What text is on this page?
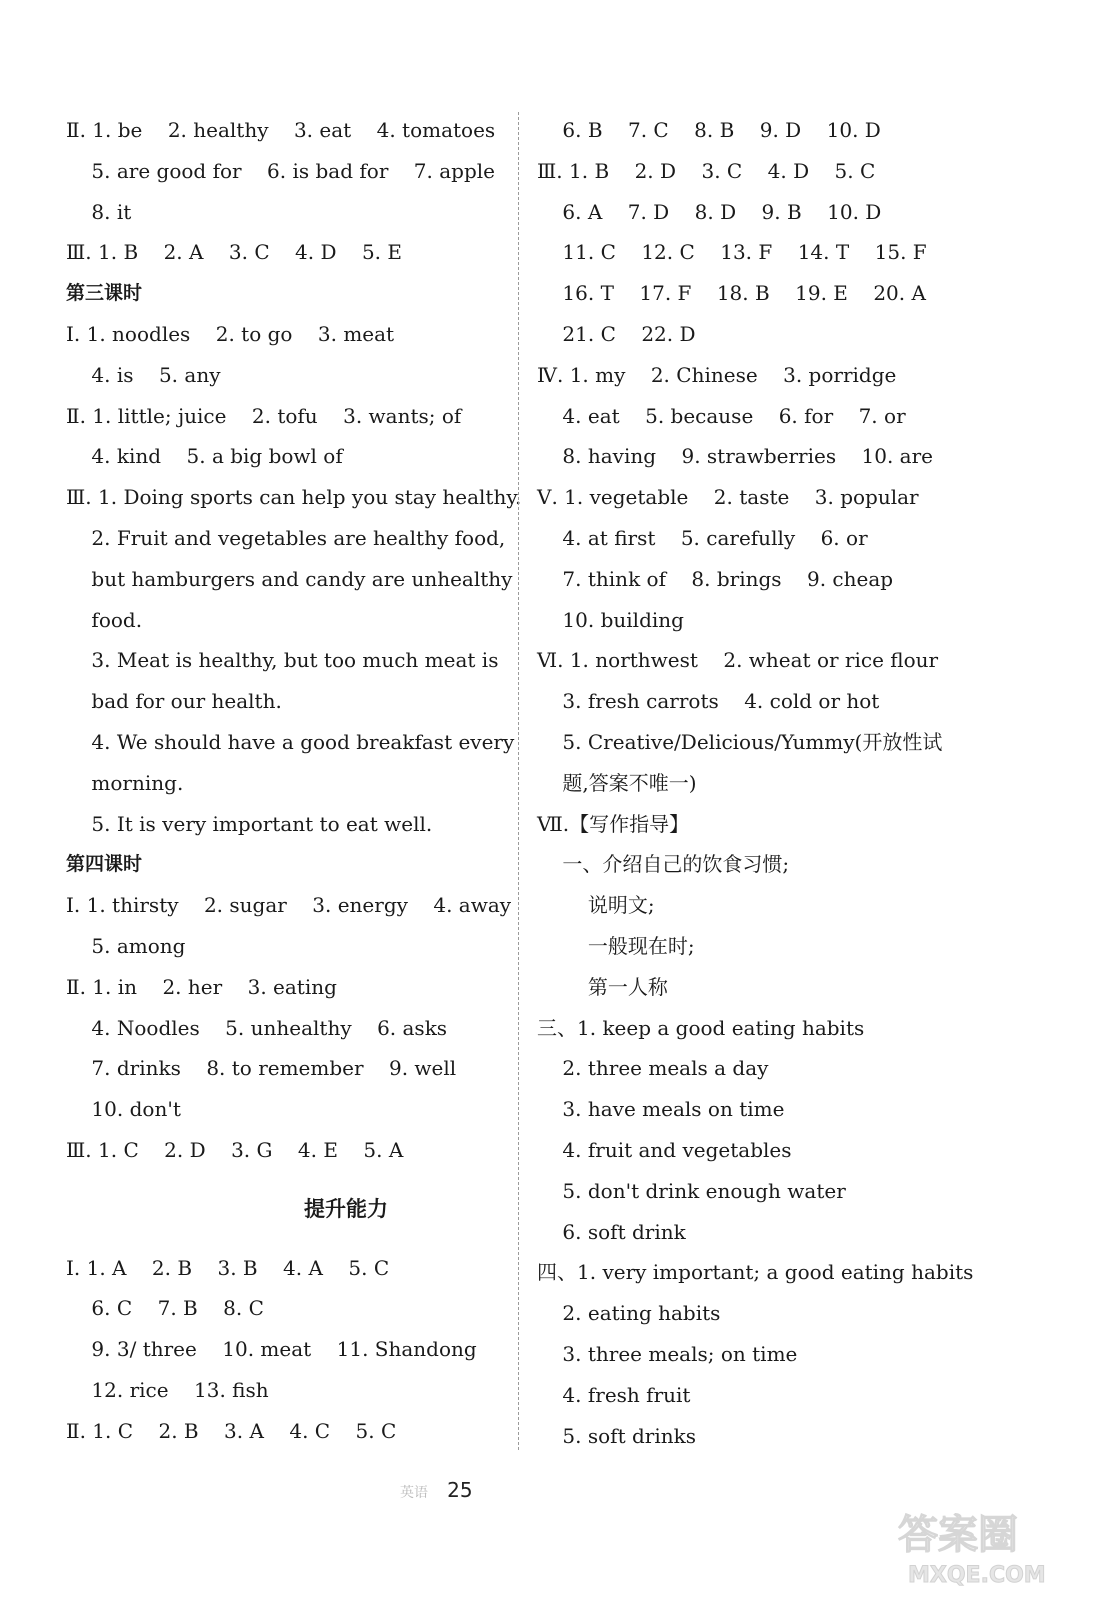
Ⅱ. 1. be    2. healthy    3. eat    4. tomatoes
5. are good for    6. is bad for    7. apple
8. it
Ⅲ. 1. B    2. A    3. C    4. D    5. E
第三课时
Ⅰ. 1. noodles    2. to go    3. meat
4. is    5. any
Ⅱ. 1. little; juice    2. tofu    3. wants; of
4. kind    5. a big bowl of
Ⅲ. 1. Doing sports can help you stay healthy.
2. Fruit and vegetables are healthy food,
but hamburgers and candy are unhealthy
food.
3. Meat is healthy, but too much meat is
bad for our health.
4. We should have a good breakfast every
morning.
5. It is very important to eat well.
第四课时
Ⅰ. 1. thirsty    2. sugar    3. energy    4. away
5. among
Ⅱ. 1. in    2. her    3. eating
4. Noodles    5. unhealthy    6. asks
7. drinks    8. to remember    9. well
10. don't
Ⅲ. 1. C    2. D    3. G    4. E    5. A
提升能力
Ⅰ. 1. A    2. B    3. B    4. A    5. C
6. C    7. B    8. C
9. 3/ three    10. meat    11. Shandong
12. rice    13. fish
Ⅱ. 1. C    2. B    3. A    4. C    5. C
6. B    7. C    8. B    9. D    10. D
Ⅲ. 1. B    2. D    3. C    4. D    5. C
6. A    7. D    8. D    9. B    10. D
11. C    12. C    13. F    14. T    15. F
16. T    17. F    18. B    19. E    20. A
21. C    22. D
Ⅳ. 1. my    2. Chinese    3. porridge
4. eat    5. because    6. for    7. or
8. having    9. strawberries    10. are
Ⅴ. 1. vegetable    2. taste    3. popular
4. at first    5. carefully    6. or
7. think of    8. brings    9. cheap
10. building
Ⅵ. 1. northwest    2. wheat or rice flour
3. fresh carrots    4. cold or hot
5. Creative/Delicious/Yummy(开放性试
题,答案不唯一)
Ⅶ.【写作指导】
一、介绍自己的饮食习惯;
说明文;
一般现在时;
第一人称
三、1. keep a good eating habits
2. three meals a day
3. have meals on time
4. fruit and vegetables
5. don't drink enough water
6. soft drink
四、1. very important; a good eating habits
2. eating habits
3. three meals; on time
4. fresh fruit
5. soft drinks
英语 25
答案圈
MXQE.COM
